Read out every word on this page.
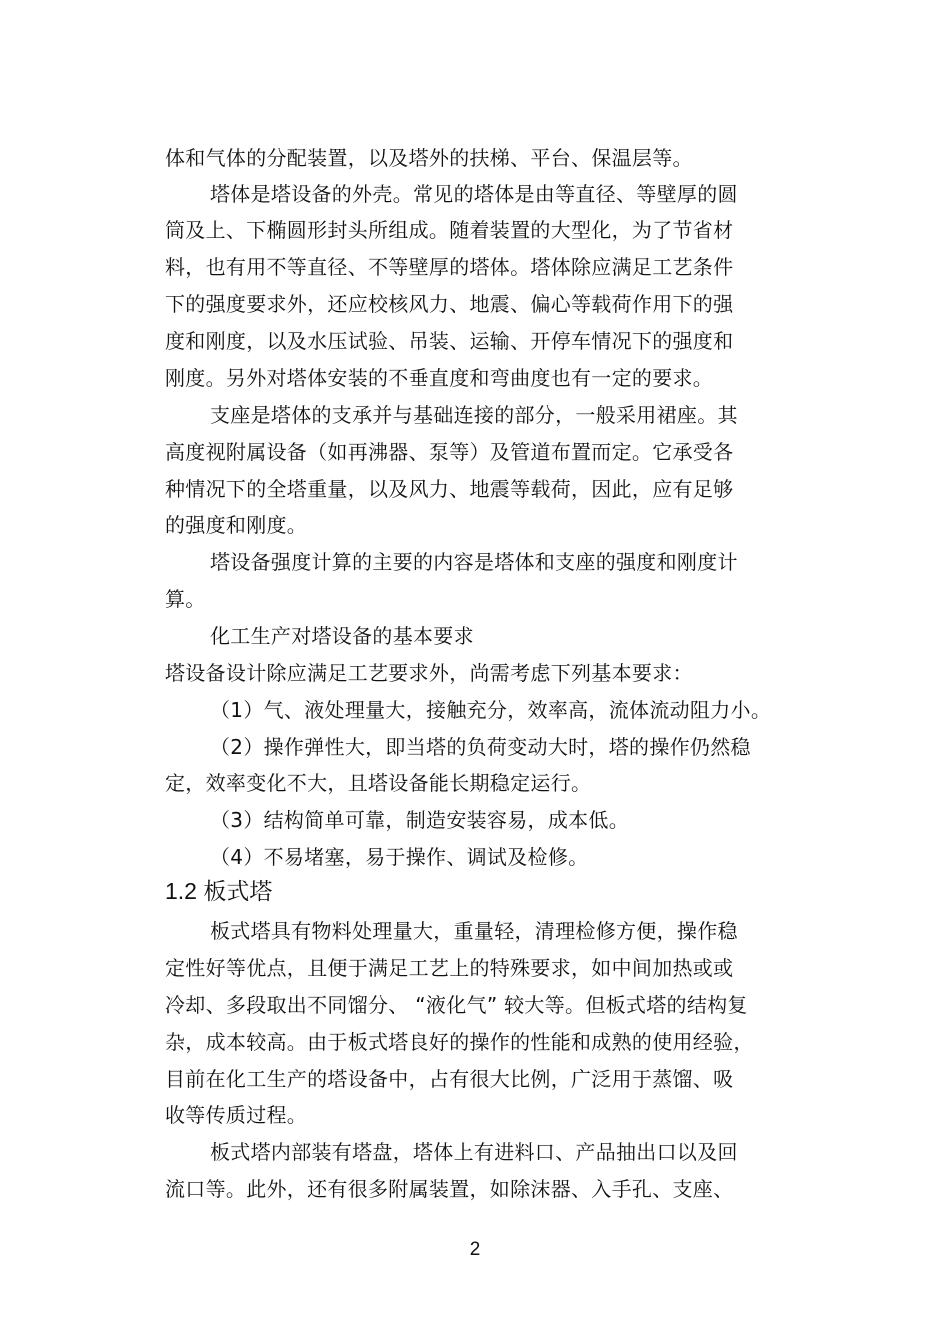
体和气体的分配装置，以及塔外的扶梯、平台、保温层等。
塔体是塔设备的外壳。常见的塔体是由等直径、等壁厚的圆
筒及上、下椭圆形封头所组成。随着装置的大型化，为了节省材
料，也有用不等直径、不等壁厚的塔体。塔体除应满足工艺条件
下的强度要求外，还应校核风力、地震、偏心等载荷作用下的强
度和刚度，以及水压试验、吊装、运输、开停车情况下的强度和
刚度。另外对塔体安装的不垂直度和弯曲度也有一定的要求。
支座是塔体的支承并与基础连接的部分，一般采用裙座。其
高度视附属设备（如再沸器、泵等）及管道布置而定。它承受各
种情况下的全塔重量，以及风力、地震等载荷，因此，应有足够
的强度和刚度。
塔设备强度计算的主要的内容是塔体和支座的强度和刚度计
算。
化工生产对塔设备的基本要求
塔设备设计除应满足工艺要求外，尚需考虑下列基本要求：
（1）气、液处理量大，接触充分，效率高，流体流动阻力小。
（2）操作弹性大，即当塔的负荷变动大时，塔的操作仍然稳
定，效率变化不大，且塔设备能长期稳定运行。
（3）结构简单可靠，制造安装容易，成本低。
（4）不易堵塞，易于操作、调试及检修。
1.2 板式塔
板式塔具有物料处理量大，重量轻，清理检修方便，操作稳
定性好等优点，且便于满足工艺上的特殊要求，如中间加热或或
冷却、多段取出不同馏分、 “液化气” 较大等。但板式塔的结构复
杂，成本较高。由于板式塔良好的操作的性能和成熟的使用经验，
目前在化工生产的塔设备中，占有很大比例，广泛用于蒸馏、吸
收等传质过程。
板式塔内部装有塔盘，塔体上有进料口、产品抽出口以及回
流口等。此外，还有很多附属装置，如除沫器、入手孔、支座、
2
